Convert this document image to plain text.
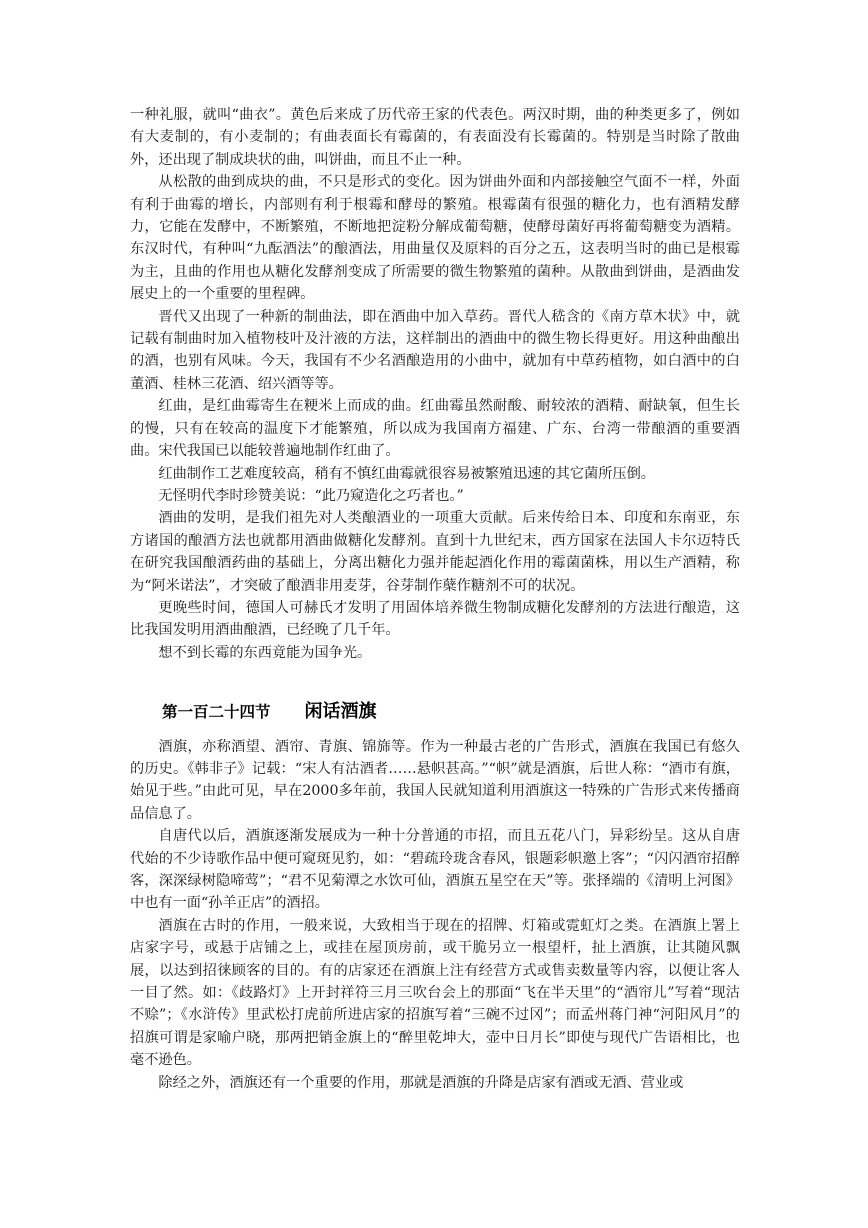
一种礼服，就叫“曲衣”。黄色后来成了历代帝王家的代表色。两汉时期，曲的种类更多了，例如有大麦制的，有小麦制的；有曲表面长有霉菌的，有表面没有长霉菌的。特别是当时除了散曲外，还出现了制成块状的曲，叫饼曲，而且不止一种。

从松散的曲到成块的曲，不只是形式的变化。因为饼曲外面和内部接触空气面不一样，外面有利于曲霉的增长，内部则有利于根霉和酵母的繁殖。根霉菌有很强的糖化力，也有酒精发酵力，它能在发酵中，不断繁殖，不断地把淀粉分解成葡萄糖，使酵母菌好再将葡萄糖变为酒精。东汉时代，有种叫“九酝酒法”的酿酒法，用曲量仅及原料的百分之五，这表明当时的曲已是根霉为主，且曲的作用也从糖化发酵剂变成了所需要的微生物繁殖的菌种。从散曲到饼曲，是酒曲发展史上的一个重要的里程碑。

晋代又出现了一种新的制曲法，即在酒曲中加入草药。晋代人嵇含的《南方草木状》中，就记载有制曲时加入植物枝叶及汁液的方法，这样制出的酒曲中的微生物长得更好。用这种曲酿出的酒，也别有风味。今天，我国有不少名酒酿造用的小曲中，就加有中草药植物，如白酒中的白董酒、桂林三花酒、绍兴酒等等。

红曲，是红曲霉寄生在粳米上而成的曲。红曲霉虽然耐酸、耐较浓的酒精、耐缺氧，但生长的慢，只有在较高的温度下才能繁殖，所以成为我国南方福建、广东、台湾一带酿酒的重要酒曲。宋代我国已以能较普遍地制作红曲了。

红曲制作工艺难度较高，稍有不慎红曲霉就很容易被繁殖迅速的其它菌所压倒。

无怪明代李时珍赞美说：“此乃窥造化之巧者也。”

酒曲的发明，是我们祖先对人类酿酒业的一项重大贡献。后来传给日本、印度和东南亚，东方诸国的酿酒方法也就都用酒曲做糖化发酵剂。直到十九世纪末，西方国家在法国人卡尔迈特氏在研究我国酿酒药曲的基础上，分离出糖化力强并能起酒化作用的霉菌菌株，用以生产酒精，称为“阿米诺法”，才突破了酿酒非用麦芽，谷芽制作蘖作糖剂不可的状况。

更晚些时间，德国人可赫氏才发明了用固体培养微生物制成糖化发酵剂的方法进行酿造，这比我国发明用酒曲酿酒，已经晚了几千年。

想不到长霉的东西竟能为国争光。

第一百二十四节 闲话酒旗

酒旗，亦称酒望、酒帘、青旗、锦旆等。作为一种最古老的广告形式，酒旗在我国已有悠久的历史。《韩非子》记载：“宋人有沽酒者……悬帜甚高。”“帜”就是酒旗，后世人称：“酒市有旗，始见于些。”由此可见，早在2000多年前，我国人民就知道利用酒旗这一特殊的广告形式来传播商品信息了。

自唐代以后，酒旗逐渐发展成为一种十分普通的市招，而且五花八门，异彩纷呈。这从自唐代始的不少诗歌作品中便可窥斑见豹，如：“碧疏玲珑含春风，银题彩帜邀上客”；“闪闪酒帘招醉客，深深绿树隐啼莺”；“君不见菊潭之水饮可仙，酒旗五星空在天”等。张择端的《清明上河图》中也有一面“孙羊正店”的酒招。

酒旗在古时的作用，一般来说，大致相当于现在的招牌、灯箱或霓虹灯之类。在酒旗上署上店家字号，或悬于店铺之上，或挂在屋顶房前，或干脆另立一根望杆，扯上酒旗，让其随风飘展，以达到招徕顾客的目的。有的店家还在酒旗上注有经营方式或售卖数量等内容，以便让客人一目了然。如：《歧路灯》上开封祥符三月三吹台会上的那面“飞在半天里”的“酒帘儿”写着“现沽不赊”；《水浒传》里武松打虎前所进店家的招旗写着“三碗不过冈”；而孟州蒋门神“河阳风月”的招旗可谓是家喻户晓，那两把销金旗上的“醉里乾坤大，壶中日月长”即使与现代广告语相比，也毫不逊色。

除经之外，酒旗还有一个重要的作用，那就是酒旗的升降是店家有酒或无酒、营业或
